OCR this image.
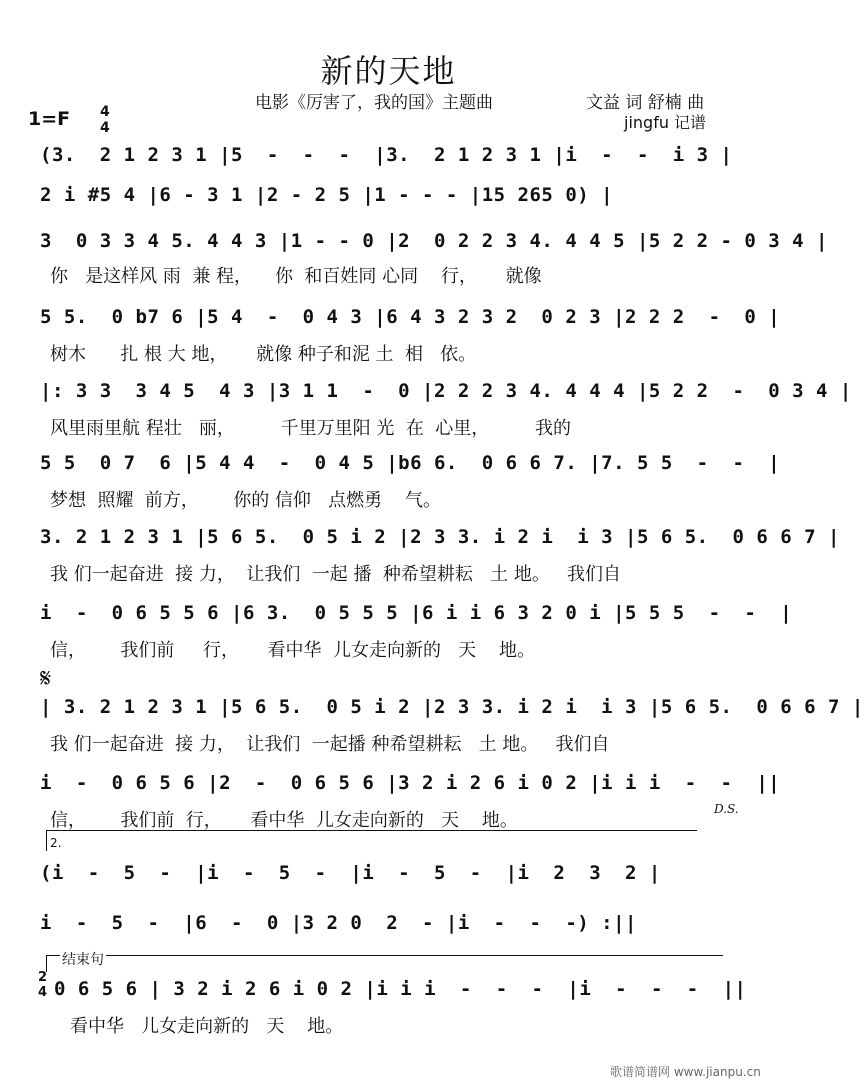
新的天地
电影《厉害了，我的国》主题曲	文益 词 舒楠 曲
jingfu 记谱
1=F 4
4
(3.  2 1 2 3 1 |5  -  -  -  |3.  2 1 2 3 1 |i  -  -  i 3 |
2 i #5 4 |6 - 3 1 |2 - 2 5 |1 - - - |15 265 0) |
3  0 3 3 4 5. 4 4 3 |1 - - 0 |2  0 2 2 3 4. 4 4 5 |5 2 2 - 0 3 4 |
你   是这样风 雨  兼 程，    你  和百姓同 心同    行，     就像
5 5.  0 b7 6 |5 4  -  0 4 3 |6 4 3 2 3 2  0 2 3 |2 2 2  -  0 |
树木      扎 根 大 地，     就像 种子和泥 土  相   依。
|: 3 3  3 4 5  4 3 |3 1 1  -  0 |2 2 2 3 4. 4 4 4 |5 2 2  -  0 3 4 |
风里雨里航 程壮   丽，        千里万里阳 光  在  心里，        我的
5 5  0 7  6 |5 4 4  -  0 4 5 |b6 6.  0 6 6 7. |7. 5 5  -  -  |
梦想  照耀  前方，      你的 信仰   点燃勇    气。
3. 2 1 2 3 1 |5 6 5.  0 5 i 2 |2 3 3. i 2 i  i 3 |5 6 5.  0 6 6 7 |
我 们一起奋进  接 力，  让我们  一起 播  种希望耕耘   土 地。   我们自
i  -  0 6 5 5 6 |6 3.  0 5 5 5 |6 i i 6 3 2 0 i |5 5 5  -  -  |
信，      我们前     行，     看中华  儿女走向新的   天    地。
𝄋
| 3. 2 1 2 3 1 |5 6 5.  0 5 i 2 |2 3 3. i 2 i  i 3 |5 6 5.  0 6 6 7 |
我 们一起奋进  接 力，  让我们  一起播 种希望耕耘   土 地。   我们自
i  -  0 6 5 6 |2  -  0 6 5 6 |3 2 i 2 6 i 0 2 |i i i  -  -  ||
信，      我们前  行，     看中华  儿女走向新的   天    地。
D.S.
2.
(i  -  5  -  |i  -  5  -  |i  -  5  -  |i  2  3  2 |
i  -  5  -  |6  -  0 |3 2 0  2  - |i  -  -  -) :||
结束句
2
4 0 6 5 6 | 3 2 i 2 6 i 0 2 |i i i  -  -  -  |i  -  -  -  ||
看中华   儿女走向新的   天    地。
歌谱简谱网 www.jianpu.cn
